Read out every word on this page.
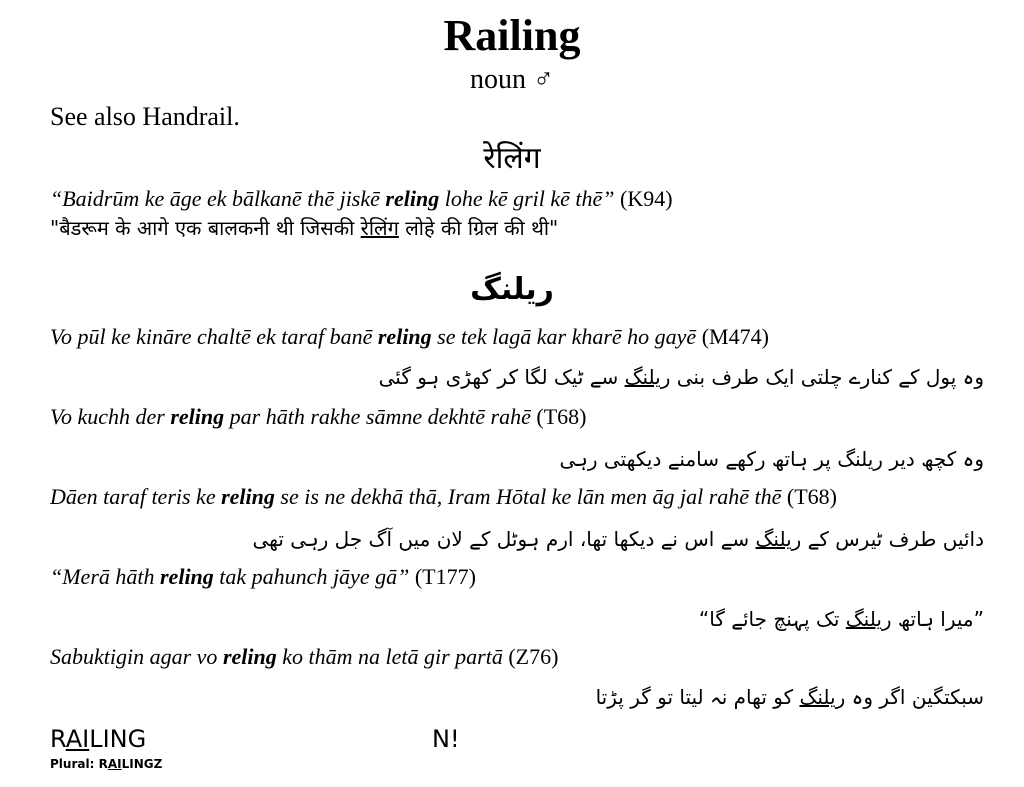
Railing
noun ♂
See also Handrail.
रेलिंग
“Baidrūm ke āge ek bālkanē thē jiskē reling lohe kē gril kē thē” (K94)
"बैडरूम के आगे एक बालकनी थी जिसकी रेलिंग लोहे की ग्रिल की थी"
ریلنگ
Vo pūl ke kināre chaltē ek taraf banē reling se tek lagā kar kharē ho gayē (M474)
وہ پول کے کنارے چلتی ایک طرف بنی ریلنگ سے ٹیک لگا کر کھڑی ہو گئی
Vo kuchh der reling par hāth rakhe sāmne dekhtē rahē (T68)
وہ کچھ دیر ریلنگ پر ہاتھ رکھے سامنے دیکھتی رہی
Dāen taraf teris ke reling se is ne dekhā thā, Iram Hōtal ke lān men āg jal rahē thē (T68)
دائیں طرف ٹیرس کے ریلنگ سے اس نے دیکھا تھا، ارم ہوٹل کے لان میں آگ جل رہی تھی
“Merā hāth reling tak pahunch jāye gā” (T177)
”میرا ہاتھ ریلنگ تک پہنچ جائے گا“
Sabuktigin agar vo reling ko thām na letā gir partā (Z76)
سبکتگین اگر وہ ریلنگ کو تھام نہ لیتا تو گر پڑتا
RAILING	N!
Plural: RAILINGZ
